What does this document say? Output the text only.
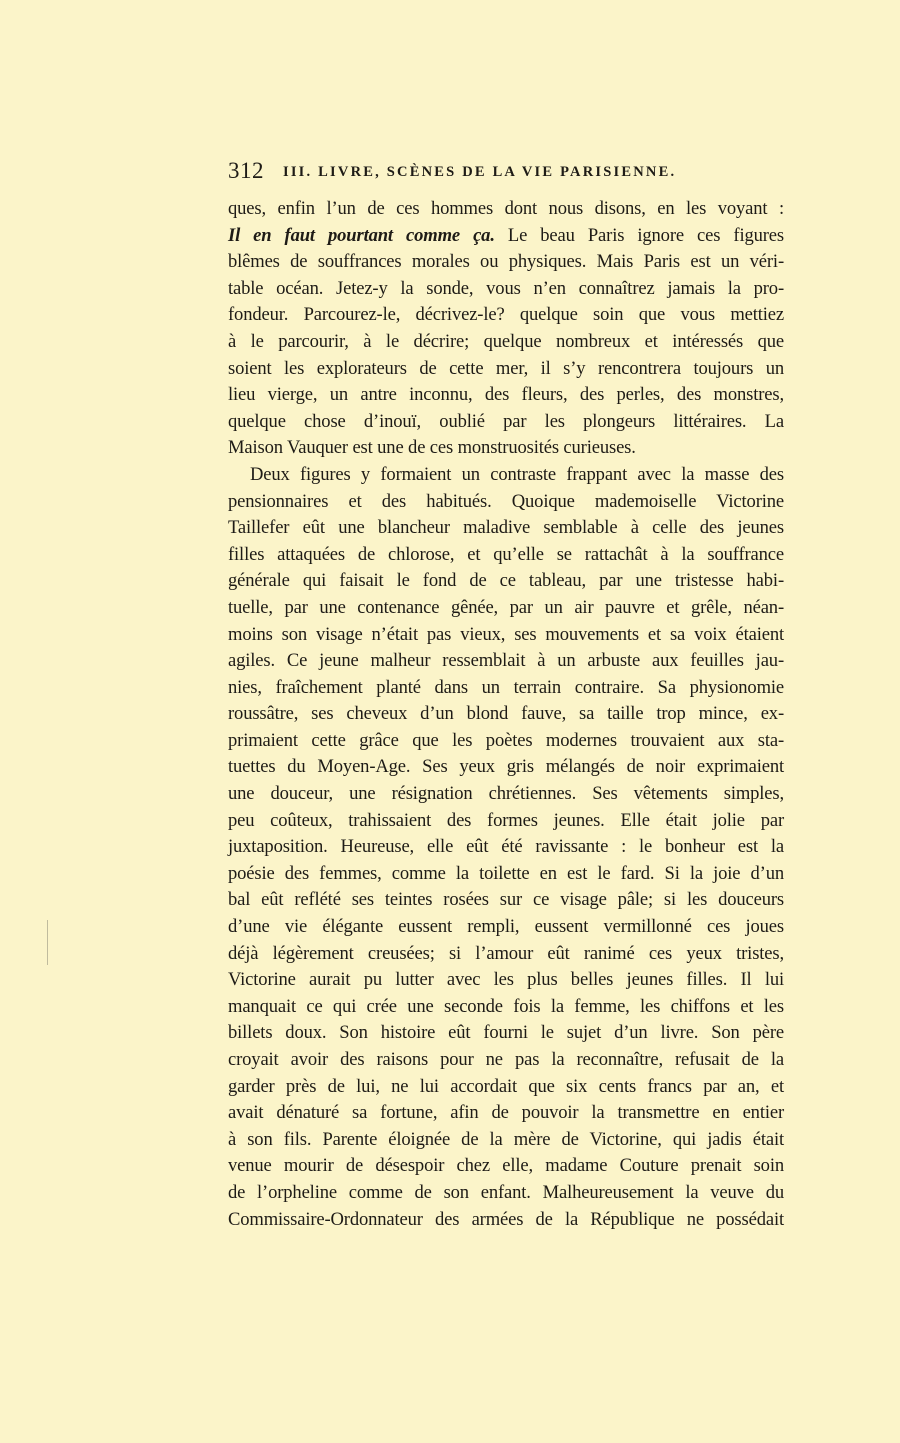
312 III. LIVRE, SCÈNES DE LA VIE PARISIENNE.
ques, enfin l’un de ces hommes dont nous disons, en les voyant :
Il en faut pourtant comme ça. Le beau Paris ignore ces figures
blêmes de souffrances morales ou physiques. Mais Paris est un véri-
table océan. Jetez-y la sonde, vous n’en connaîtrez jamais la pro-
fondeur. Parcourez-le, décrivez-le? quelque soin que vous mettiez
à le parcourir, à le décrire; quelque nombreux et intéressés que
soient les explorateurs de cette mer, il s’y rencontrera toujours un
lieu vierge, un antre inconnu, des fleurs, des perles, des monstres,
quelque chose d’inouï, oublié par les plongeurs littéraires. La
Maison Vauquer est une de ces monstruosités curieuses.
Deux figures y formaient un contraste frappant avec la masse des
pensionnaires et des habitués. Quoique mademoiselle Victorine
Taillefer eût une blancheur maladive semblable à celle des jeunes
filles attaquées de chlorose, et qu’elle se rattachât à la souffrance
générale qui faisait le fond de ce tableau, par une tristesse habi-
tuelle, par une contenance gênée, par un air pauvre et grêle, néan-
moins son visage n’était pas vieux, ses mouvements et sa voix étaient
agiles. Ce jeune malheur ressemblait à un arbuste aux feuilles jau-
nies, fraîchement planté dans un terrain contraire. Sa physionomie
roussâtre, ses cheveux d’un blond fauve, sa taille trop mince, ex-
primaient cette grâce que les poètes modernes trouvaient aux sta-
tuettes du Moyen-Age. Ses yeux gris mélangés de noir exprimaient
une douceur, une résignation chrétiennes. Ses vêtements simples,
peu coûteux, trahissaient des formes jeunes. Elle était jolie par
juxtaposition. Heureuse, elle eût été ravissante : le bonheur est la
poésie des femmes, comme la toilette en est le fard. Si la joie d’un
bal eût reflété ses teintes rosées sur ce visage pâle; si les douceurs
d’une vie élégante eussent rempli, eussent vermillonné ces joues
déjà légèrement creusées; si l’amour eût ranimé ces yeux tristes,
Victorine aurait pu lutter avec les plus belles jeunes filles. Il lui
manquait ce qui crée une seconde fois la femme, les chiffons et les
billets doux. Son histoire eût fourni le sujet d’un livre. Son père
croyait avoir des raisons pour ne pas la reconnaître, refusait de la
garder près de lui, ne lui accordait que six cents francs par an, et
avait dénaturé sa fortune, afin de pouvoir la transmettre en entier
à son fils. Parente éloignée de la mère de Victorine, qui jadis était
venue mourir de désespoir chez elle, madame Couture prenait soin
de l’orpheline comme de son enfant. Malheureusement la veuve du
Commissaire-Ordonnateur des armées de la République ne possédait
